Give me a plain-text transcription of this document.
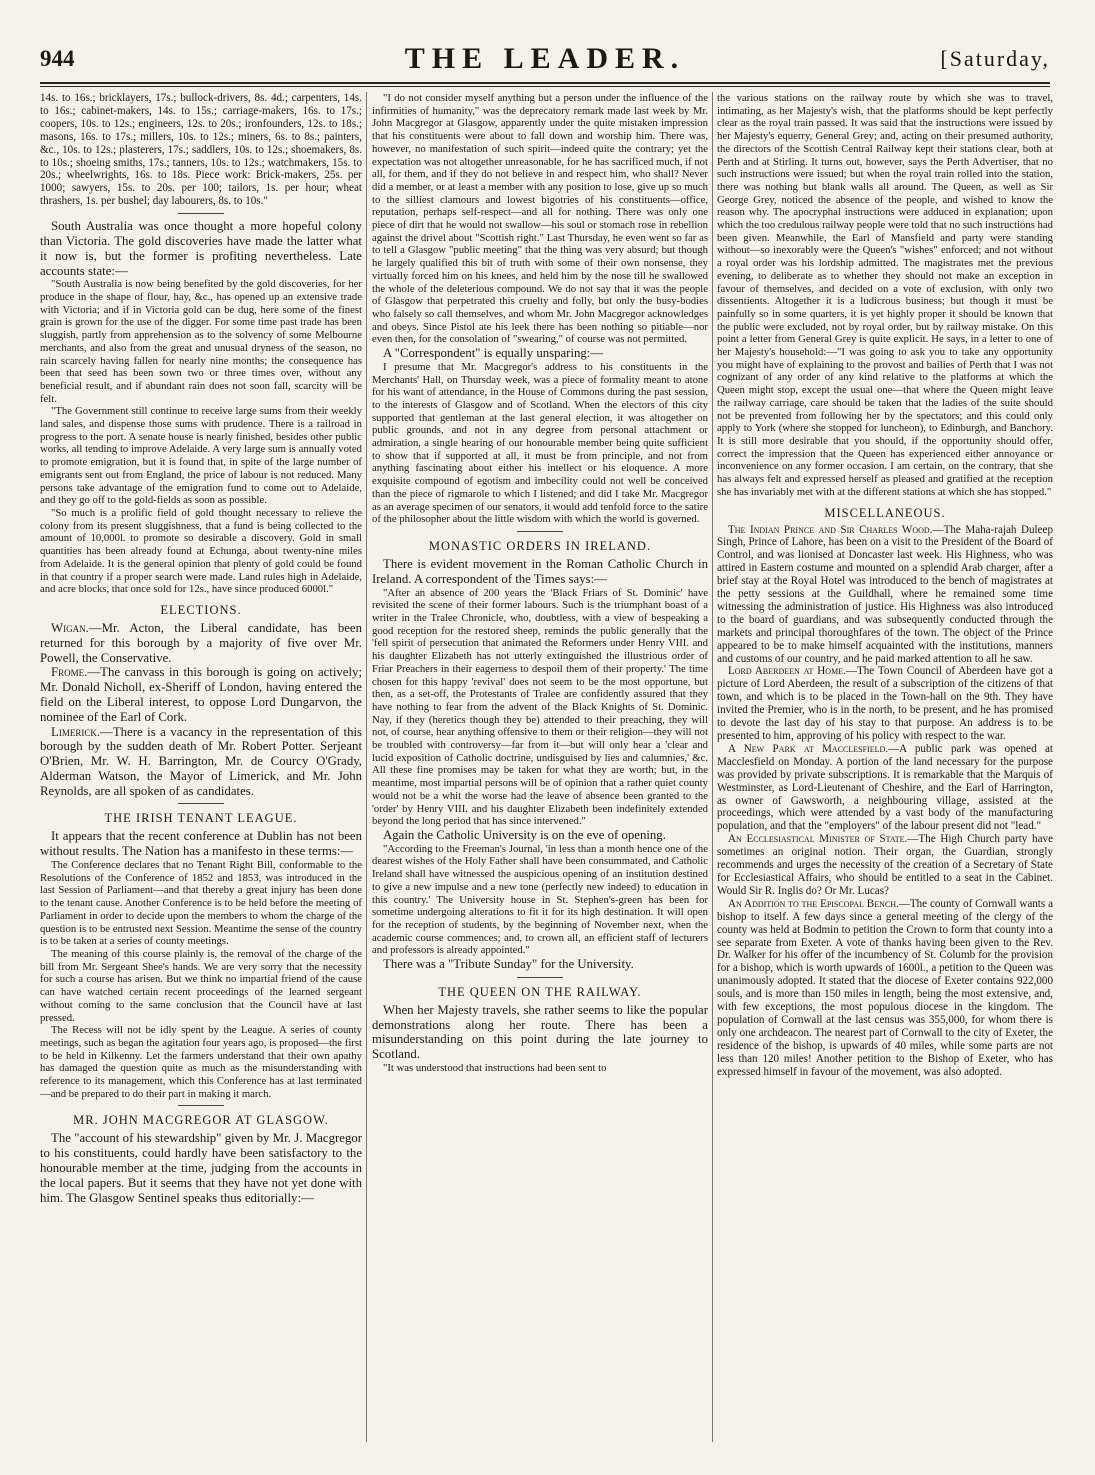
944	THE LEADER.	[Saturday,

14s. to 16s.; bricklayers, 17s.; bullock-drivers, 8s. 4d.; carpenters, 14s. to 16s.; cabinet-makers, 14s. to 15s.; carriage-makers, 16s. to 17s.; coopers, 10s. to 12s.; engineers, 12s. to 20s.; ironfounders, 12s. to 18s.; masons, 16s. to 17s.; millers, 10s. to 12s.; miners, 6s. to 8s.; painters, &c., 10s. to 12s.; plasterers, 17s.; saddlers, 10s. to 12s.; shoemakers, 8s. to 10s.; shoeing smiths, 17s.; tanners, 10s. to 12s.; watchmakers, 15s. to 20s.; wheelwrights, 16s. to 18s. Piece work: Brick-makers, 25s. per 1000; sawyers, 15s. to 20s. per 100; tailors, 1s. per hour; wheat thrashers, 1s. per bushel; day labourers, 8s. to 10s."

South Australia was once thought a more hopeful colony than Victoria. The gold discoveries have made the latter what it now is, but the former is profiting nevertheless. Late accounts state:—

"South Australia is now being benefited by the gold discoveries, for her produce in the shape of flour, hay, &c., has opened up an extensive trade with Victoria; and if in Victoria gold can be dug, here some of the finest grain is grown for the use of the digger. For some time past trade has been sluggish, partly from apprehension as to the solvency of some Melbourne merchants, and also from the great and unusual dryness of the season, no rain scarcely having fallen for nearly nine months; the consequence has been that seed has been sown two or three times over, without any beneficial result, and if abundant rain does not soon fall, scarcity will be felt.

"The Government still continue to receive large sums from their weekly land sales, and dispense those sums with prudence. There is a railroad in progress to the port. A senate house is nearly finished, besides other public works, all tending to improve Adelaide. A very large sum is annually voted to promote emigration, but it is found that, in spite of the large number of emigrants sent out from England, the price of labour is not reduced. Many persons take advantage of the emigration fund to come out to Adelaide, and they go off to the gold-fields as soon as possible.

"So much is a prolific field of gold thought necessary to relieve the colony from its present sluggishness, that a fund is being collected to the amount of 10,000l. to promote so desirable a discovery. Gold in small quantities has been already found at Echunga, about twenty-nine miles from Adelaide. It is the general opinion that plenty of gold could be found in that country if a proper search were made. Land rules high in Adelaide, and acre blocks, that once sold for 12s., have since produced 6000l."

ELECTIONS.

Wigan.—Mr. Acton, the Liberal candidate, has been returned for this borough by a majority of five over Mr. Powell, the Conservative.

Frome.—The canvass in this borough is going on actively; Mr. Donald Nicholl, ex-Sheriff of London, having entered the field on the Liberal interest, to oppose Lord Dungarvon, the nominee of the Earl of Cork.

Limerick.—There is a vacancy in the representation of this borough by the sudden death of Mr. Robert Potter. Serjeant O'Brien, Mr. W. H. Barrington, Mr. de Courcy O'Grady, Alderman Watson, the Mayor of Limerick, and Mr. John Reynolds, are all spoken of as candidates.

THE IRISH TENANT LEAGUE.

It appears that the recent conference at Dublin has not been without results. The Nation has a manifesto in these terms:—

The Conference declares that no Tenant Right Bill, conformable to the Resolutions of the Conference of 1852 and 1853, was introduced in the last Session of Parliament—and that thereby a great injury has been done to the tenant cause. Another Conference is to be held before the meeting of Parliament in order to decide upon the members to whom the charge of the question is to be entrusted next Session. Meantime the sense of the country is to be taken at a series of county meetings.

The meaning of this course plainly is, the removal of the charge of the bill from Mr. Sergeant Shee's hands. We are very sorry that the necessity for such a course has arisen. But we think no impartial friend of the cause can have watched certain recent proceedings of the learned sergeant without coming to the same conclusion that the Council have at last pressed.

The Recess will not be idly spent by the League. A series of county meetings, such as began the agitation four years ago, is proposed—the first to be held in Kilkenny. Let the farmers understand that their own apathy has damaged the question quite as much as the misunderstanding with reference to its management, which this Conference has at last terminated—and be prepared to do their part in making it march.

MR. JOHN MACGREGOR AT GLASGOW.

The "account of his stewardship" given by Mr. J. Macgregor to his constituents, could hardly have been satisfactory to the honourable member at the time, judging from the accounts in the local papers. But it seems that they have not yet done with him. The Glasgow Sentinel speaks thus editorially:—

"I do not consider myself anything but a person under the influence of the infirmities of humanity," was the deprecatory remark made last week by Mr. John Macgregor at Glasgow, apparently under the quite mistaken impression that his constituents were about to fall down and worship him. There was, however, no manifestation of such spirit—indeed quite the contrary; yet the expectation was not altogether unreasonable, for he has sacrificed much, if not all, for them, and if they do not believe in and respect him, who shall? Never did a member, or at least a member with any position to lose, give up so much to the silliest clamours and lowest bigotries of his constituents—office, reputation, perhaps self-respect—and all for nothing. There was only one piece of dirt that he would not swallow—his soul or stomach rose in rebellion against the drivel about "Scottish right." Last Thursday, he even went so far as to tell a Glasgow "public meeting" that the thing was very absurd; but though he largely qualified this bit of truth with some of their own nonsense, they virtually forced him on his knees, and held him by the nose till he swallowed the whole of the deleterious compound. We do not say that it was the people of Glasgow that perpetrated this cruelty and folly, but only the busy-bodies who falsely so call themselves, and whom Mr. John Macgregor acknowledges and obeys. Since Pistol ate his leek there has been nothing so pitiable—nor even then, for the consolation of "swearing," of course was not permitted.

A "Correspondent" is equally unsparing:—

I presume that Mr. Macgregor's address to his constituents in the Merchants' Hall, on Thursday week, was a piece of formality meant to atone for his want of attendance, in the House of Commons during the past session, to the interests of Glasgow and of Scotland. When the electors of this city supported that gentleman at the last general election, it was altogether on public grounds, and not in any degree from personal attachment or admiration, a single hearing of our honourable member being quite sufficient to show that if supported at all, it must be from principle, and not from anything fascinating about either his intellect or his eloquence. A more exquisite compound of egotism and imbecility could not well be conceived than the piece of rigmarole to which I listened; and did I take Mr. Macgregor as an average specimen of our senators, it would add tenfold force to the satire of the philosopher about the little wisdom with which the world is governed.

MONASTIC ORDERS IN IRELAND.

There is evident movement in the Roman Catholic Church in Ireland. A correspondent of the Times says:—

"After an absence of 200 years the 'Black Friars of St. Dominic' have revisited the scene of their former labours. Such is the triumphant boast of a writer in the Tralee Chronicle, who, doubtless, with a view of bespeaking a good reception for the restored sheep, reminds the public generally that the 'fell spirit of persecution that animated the Reformers under Henry VIII. and his daughter Elizabeth has not utterly extinguished the illustrious order of Friar Preachers in their eagerness to despoil them of their property.' The time chosen for this happy 'revival' does not seem to be the most opportune, but then, as a set-off, the Protestants of Tralee are confidently assured that they have nothing to fear from the advent of the Black Knights of St. Dominic. Nay, if they (heretics though they be) attended to their preaching, they will not, of course, hear anything offensive to them or their religion—they will not be troubled with controversy—far from it—but will only hear a 'clear and lucid exposition of Catholic doctrine, undisguised by lies and calumnies,' &c. All these fine promises may be taken for what they are worth; but, in the meantime, most impartial persons will be of opinion that a rather quiet county would not be a whit the worse had the leave of absence been granted to the 'order' by Henry VIII. and his daughter Elizabeth been indefinitely extended beyond the long period that has since intervened."

Again the Catholic University is on the eve of opening.

"According to the Freeman's Journal, 'in less than a month hence one of the dearest wishes of the Holy Father shall have been consummated, and Catholic Ireland shall have witnessed the auspicious opening of an institution destined to give a new impulse and a new tone (perfectly new indeed) to education in this country.' The University house in St. Stephen's-green has been for sometime undergoing alterations to fit it for its high destination. It will open for the reception of students, by the beginning of November next, when the academic course commences; and, to crown all, an efficient staff of lecturers and professors is already appointed."

There was a "Tribute Sunday" for the University.

THE QUEEN ON THE RAILWAY.

When her Majesty travels, she rather seems to like the popular demonstrations along her route. There has been a misunderstanding on this point during the late journey to Scotland.

"It was understood that instructions had been sent to

the various stations on the railway route by which she was to travel, intimating, as her Majesty's wish, that the platforms should be kept perfectly clear as the royal train passed. It was said that the instructions were issued by her Majesty's equerry, General Grey; and, acting on their presumed authority, the directors of the Scottish Central Railway kept their stations clear, both at Perth and at Stirling. It turns out, however, says the Perth Advertiser, that no such instructions were issued; but when the royal train rolled into the station, there was nothing but blank walls all around. The Queen, as well as Sir George Grey, noticed the absence of the people, and wished to know the reason why. The apocryphal instructions were adduced in explanation; upon which the too credulous railway people were told that no such instructions had been given. Meanwhile, the Earl of Mansfield and party were standing without—so inexorably were the Queen's "wishes" enforced; and not without a royal order was his lordship admitted. The magistrates met the previous evening, to deliberate as to whether they should not make an exception in favour of themselves, and decided on a vote of exclusion, with only two dissentients. Altogether it is a ludicrous business; but though it must be painfully so in some quarters, it is yet highly proper it should be known that the public were excluded, not by royal order, but by railway mistake. On this point a letter from General Grey is quite explicit. He says, in a letter to one of her Majesty's household:—"I was going to ask you to take any opportunity you might have of explaining to the provost and bailies of Perth that I was not cognizant of any order of any kind relative to the platforms at which the Queen might stop, except the usual one—that where the Queen might leave the railway carriage, care should be taken that the ladies of the suite should not be prevented from following her by the spectators; and this could only apply to York (where she stopped for luncheon), to Edinburgh, and Banchory. It is still more desirable that you should, if the opportunity should offer, correct the impression that the Queen has experienced either annoyance or inconvenience on any former occasion. I am certain, on the contrary, that she has always felt and expressed herself as pleased and gratified at the reception she has invariably met with at the different stations at which she has stopped."

MISCELLANEOUS.

The Indian Prince and Sir Charles Wood.—The Maha-rajah Duleep Singh, Prince of Lahore, has been on a visit to the President of the Board of Control, and was lionised at Doncaster last week. His Highness, who was attired in Eastern costume and mounted on a splendid Arab charger, after a brief stay at the Royal Hotel was introduced to the bench of magistrates at the petty sessions at the Guildhall, where he remained some time witnessing the administration of justice. His Highness was also introduced to the board of guardians, and was subsequently conducted through the markets and principal thoroughfares of the town. The object of the Prince appeared to be to make himself acquainted with the institutions, manners and customs of our country, and he paid marked attention to all he saw.

Lord Aberdeen at Home.—The Town Council of Aberdeen have got a picture of Lord Aberdeen, the result of a subscription of the citizens of that town, and which is to be placed in the Town-hall on the 9th. They have invited the Premier, who is in the north, to be present, and he has promised to devote the last day of his stay to that purpose. An address is to be presented to him, approving of his policy with respect to the war.

A New Park at Macclesfield.—A public park was opened at Macclesfield on Monday. A portion of the land necessary for the purpose was provided by private subscriptions. It is remarkable that the Marquis of Westminster, as Lord-Lieutenant of Cheshire, and the Earl of Harrington, as owner of Gawsworth, a neighbouring village, assisted at the proceedings, which were attended by a vast body of the manufacturing population, and that the "employers" of the labour present did not "lead."

An Ecclesiastical Minister of State.—The High Church party have sometimes an original notion. Their organ, the Guardian, strongly recommends and urges the necessity of the creation of a Secretary of State for Ecclesiastical Affairs, who should be entitled to a seat in the Cabinet. Would Sir R. Inglis do? Or Mr. Lucas?

An Addition to the Episcopal Bench.—The county of Cornwall wants a bishop to itself. A few days since a general meeting of the clergy of the county was held at Bodmin to petition the Crown to form that county into a see separate from Exeter. A vote of thanks having been given to the Rev. Dr. Walker for his offer of the incumbency of St. Columb for the provision for a bishop, which is worth upwards of 1600l., a petition to the Queen was unanimously adopted. It stated that the diocese of Exeter contains 922,000 souls, and is more than 150 miles in length, being the most extensive, and, with few exceptions, the most populous diocese in the kingdom. The population of Cornwall at the last census was 355,000, for whom there is only one archdeacon. The nearest part of Cornwall to the city of Exeter, the residence of the bishop, is upwards of 40 miles, while some parts are not less than 120 miles! Another petition to the Bishop of Exeter, who has expressed himself in favour of the movement, was also adopted.
